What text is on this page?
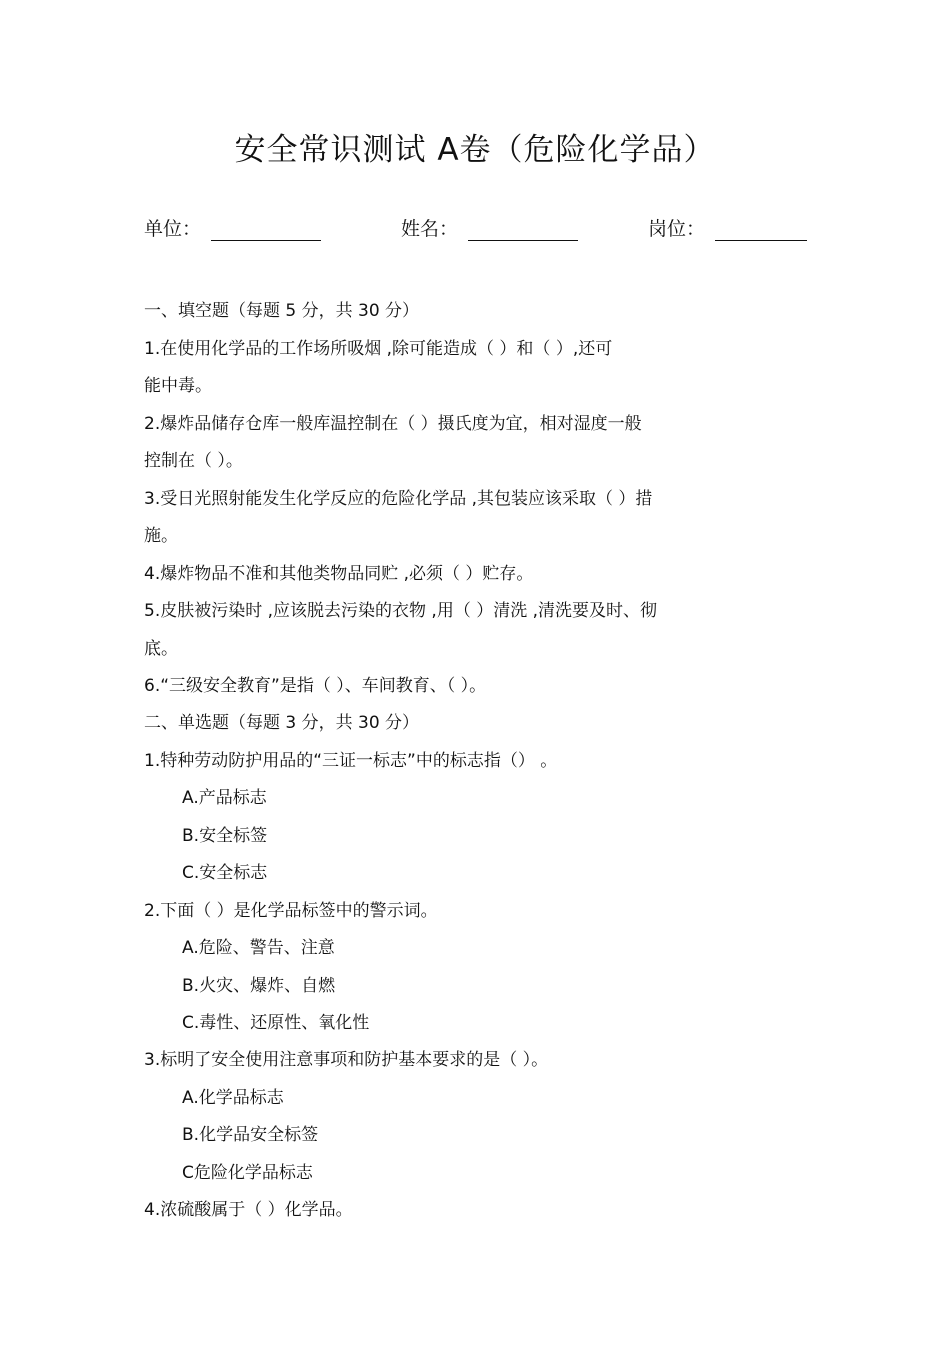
安全常识测试 A卷（危险化学品）
单位：	姓名：	岗位：
一、填空题（每题 5 分，共 30 分）
1.在使用化学品的工作场所吸烟 ,除可能造成（ ）和（ ）,还可
能中毒。
2.爆炸品储存仓库一般库温控制在（ ）摄氏度为宜，相对湿度一般
控制在（ ）。
3.受日光照射能发生化学反应的危险化学品 ,其包装应该采取（ ）措
施。
4.爆炸物品不准和其他类物品同贮 ,必须（ ）贮存。
5.皮肤被污染时 ,应该脱去污染的衣物 ,用（ ）清洗 ,清洗要及时、彻
底。
6.“三级安全教育”是指（ ）、车间教育、（ ）。
二、单选题（每题 3 分，共 30 分）
1.特种劳动防护用品的“三证一标志”中的标志指（） 。
A.产品标志
B.安全标签
C.安全标志
2.下面（ ）是化学品标签中的警示词。
A.危险、警告、注意
B.火灾、爆炸、自燃
C.毒性、还原性、氧化性
3.标明了安全使用注意事项和防护基本要求的是（ ）。
A.化学品标志
B.化学品安全标签
C危险化学品标志
4.浓硫酸属于（ ）化学品。
